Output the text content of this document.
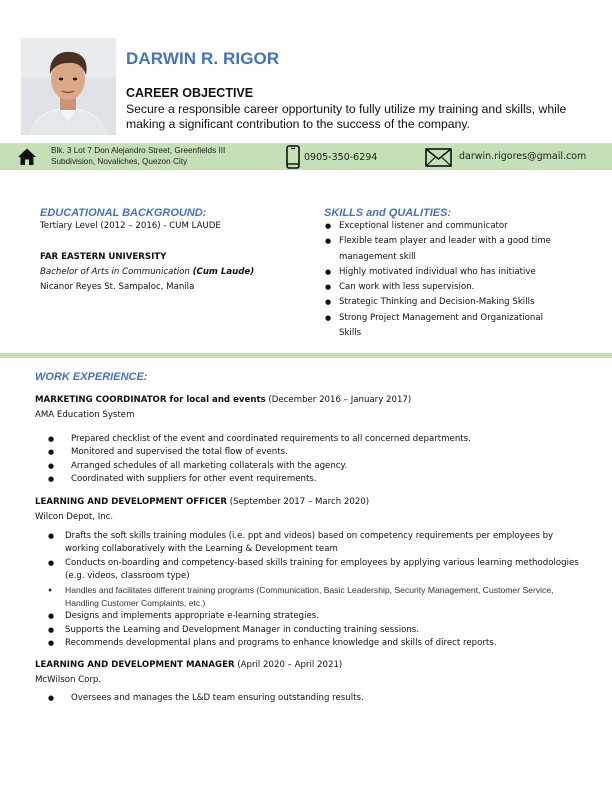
DARWIN R. RIGOR
CAREER OBJECTIVE
Secure a responsible career opportunity to fully utilize my training and skills, while making a significant contribution to the success of the company.
Blk. 3 Lot 7 Don Alejandro Street, Greenfields III
Subdivision, Novaliches, Quezon City	0905-350-6294	darwin.rigores@gmail.com
EDUCATIONAL BACKGROUND:
Tertiary Level (2012 – 2016) - CUM LAUDE
FAR EASTERN UNIVERSITY
Bachelor of Arts in Communication (Cum Laude)
Nicanor Reyes St. Sampaloc, Manila
SKILLS and QUALITIES:
● Exceptional listener and communicator
● Flexible team player and leader with a good time management skill
● Highly motivated individual who has initiative
● Can work with less supervision.
● Strategic Thinking and Decision-Making Skills
● Strong Project Management and Organizational Skills
WORK EXPERIENCE:
MARKETING COORDINATOR for local and events (December 2016 – January 2017)
AMA Education System
● Prepared checklist of the event and coordinated requirements to all concerned departments.
● Monitored and supervised the total flow of events.
● Arranged schedules of all marketing collaterals with the agency.
● Coordinated with suppliers for other event requirements.
LEARNING AND DEVELOPMENT OFFICER (September 2017 – March 2020)
Wilcon Depot, Inc.
● Drafts the soft skills training modules (i.e. ppt and videos) based on competency requirements per employees by working collaboratively with the Learning & Development team
● Conducts on-boarding and competency-based skills training for employees by applying various learning methodologies (e.g. videos, classroom type)
● Handles and facilitates different training programs (Communication, Basic Leadership, Security Management, Customer Service, Handling Customer Complaints, etc.)
● Designs and implements appropriate e-learning strategies.
● Supports the Learning and Development Manager in conducting training sessions.
● Recommends developmental plans and programs to enhance knowledge and skills of direct reports.
LEARNING AND DEVELOPMENT MANAGER (April 2020 – April 2021)
McWilson Corp.
● Oversees and manages the L&D team ensuring outstanding results.
